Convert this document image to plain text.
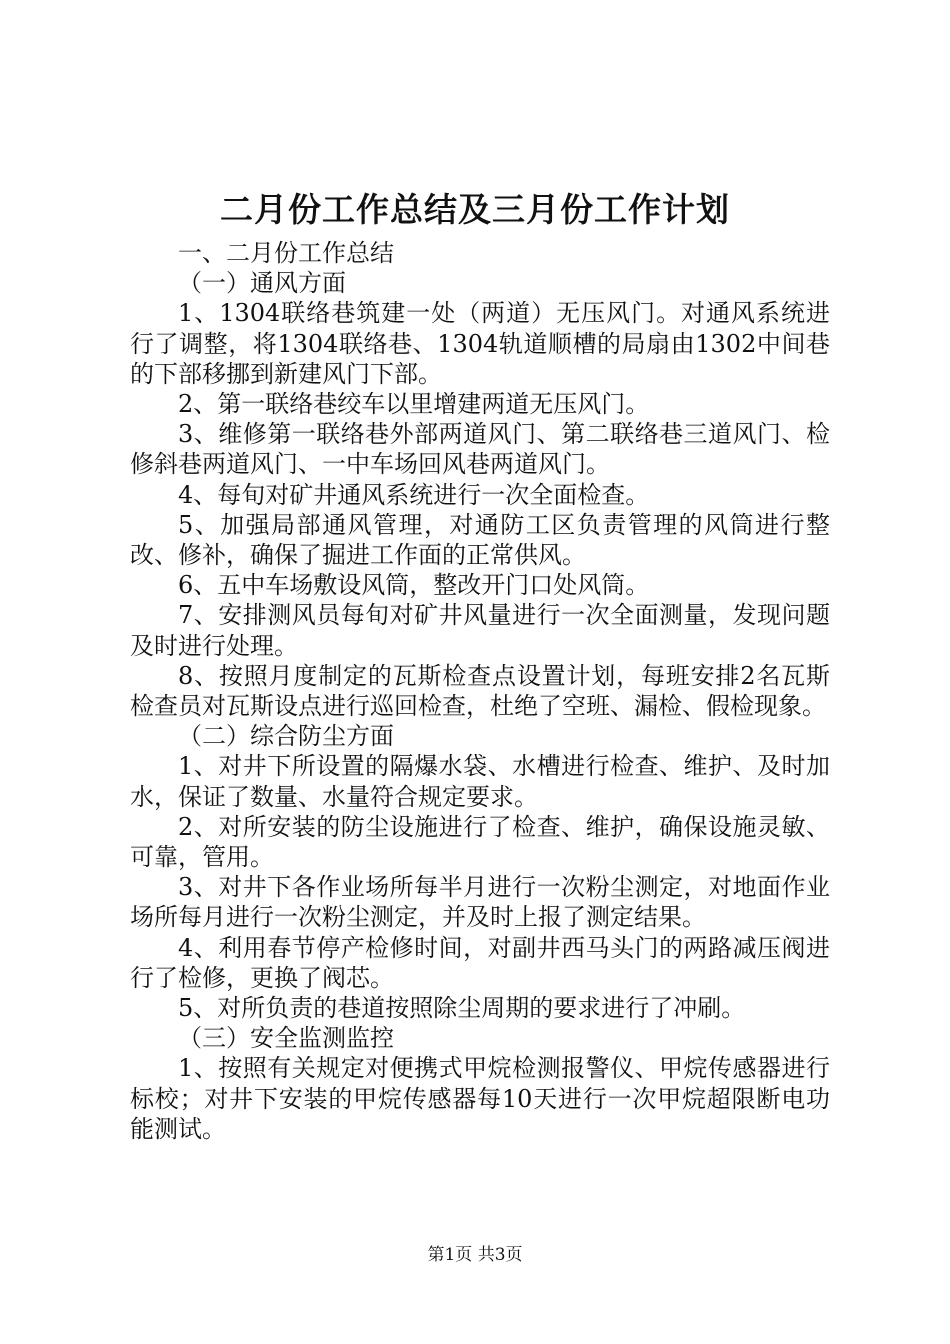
二月份工作总结及三月份工作计划

一、二月份工作总结

（一）通风方面

1、1304联络巷筑建一处（两道）无压风门。对通风系统进行了调整，将1304联络巷、1304轨道顺槽的局扇由1302中间巷的下部移挪到新建风门下部。

2、第一联络巷绞车以里增建两道无压风门。

3、维修第一联络巷外部两道风门、第二联络巷三道风门、检修斜巷两道风门、一中车场回风巷两道风门。

4、每旬对矿井通风系统进行一次全面检查。

5、加强局部通风管理，对通防工区负责管理的风筒进行整改、修补，确保了掘进工作面的正常供风。

6、五中车场敷设风筒，整改开门口处风筒。

7、安排测风员每旬对矿井风量进行一次全面测量，发现问题及时进行处理。

8、按照月度制定的瓦斯检查点设置计划，每班安排2名瓦斯检查员对瓦斯设点进行巡回检查，杜绝了空班、漏检、假检现象。

（二）综合防尘方面

1、对井下所设置的隔爆水袋、水槽进行检查、维护、及时加水，保证了数量、水量符合规定要求。

2、对所安装的防尘设施进行了检查、维护，确保设施灵敏、可靠，管用。

3、对井下各作业场所每半月进行一次粉尘测定，对地面作业场所每月进行一次粉尘测定，并及时上报了测定结果。

4、利用春节停产检修时间，对副井西马头门的两路减压阀进行了检修，更换了阀芯。

5、对所负责的巷道按照除尘周期的要求进行了冲刷。

（三）安全监测监控

1、按照有关规定对便携式甲烷检测报警仪、甲烷传感器进行标校；对井下安装的甲烷传感器每10天进行一次甲烷超限断电功能测试。

第1页 共3页
